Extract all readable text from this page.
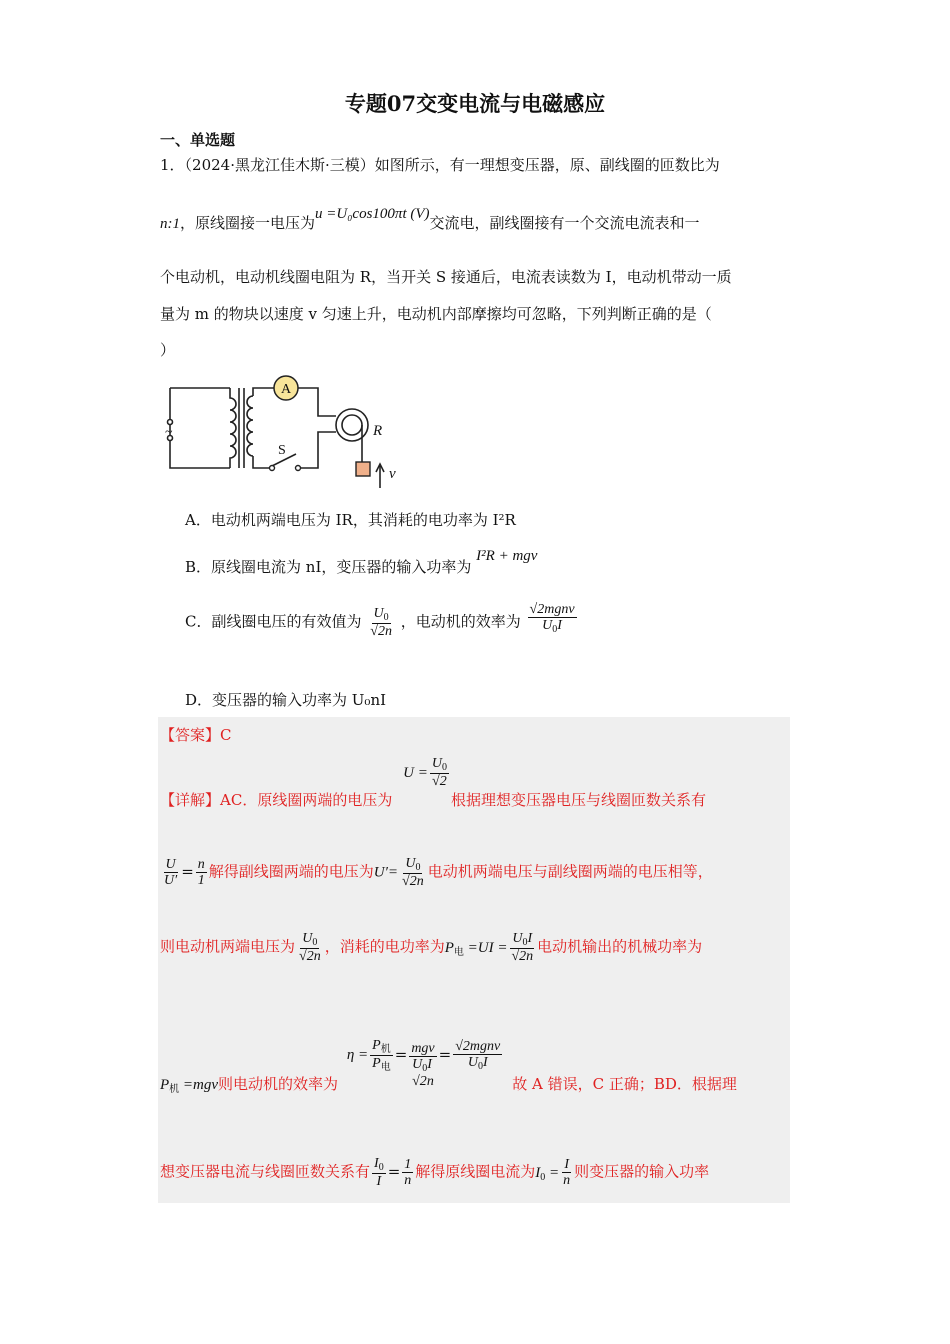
专题07交变电流与电磁感应
一、单选题
1．（2024·黑龙江佳木斯·三模）如图所示，有一理想变压器，原、副线圈的匝数比为
n:1，原线圈接一电压为u =U₀cos100πt (V)交流电，副线圈接有一个交流电流表和一
个电动机，电动机线圈电阻为 R，当开关 S 接通后，电流表读数为 I，电动机带动一质
量为 m 的物块以速度 v 匀速上升，电动机内部摩擦均可忽略，下列判断正确的是（
）
A
~
S
R
v
A．电动机两端电压为 IR，其消耗的电功率为 I²R
B．原线圈电流为 nI，变压器的输入功率为 I²R + mgv
C．副线圈电压的有效值为 $\frac{U_0}{√2n}$ ，电动机的效率为 $\frac{\text{√2mgnv}}{U_0I}$
D．变压器的输入功率为 U₀nI
【答案】C
【详解】AC．原线圈两端的电压为 $U = \frac{U_0}{√2}$
根据理想变压器电压与线圈匝数关系有
$\frac{U}{U'} = \frac{n}{1}$ 解得副线圈两端的电压为$U'= \frac{U_0}{√2n}$ 电动机两端电压与副线圈两端的电压相等，
则电动机两端电压为 $\frac{U_0}{√2n}$ ，消耗的电功率为$P_电 =UI = \frac{U_0I}{√2n}$ 电动机输出的机械功率为
$P_机 =mgv$则电动机的效率为 $\eta = \frac{P_机}{P_电}$ = mgv
$U_0I$
√2n
= $\frac{\text{√2mgnv}}{U_0I}$
故 A 错误，C 正确；BD．根据理
想变压器电流与线圈匝数关系有 $\frac{I_0}{I} = \frac{1}{n}$ 解得原线圈电流为$I_0 = \frac{I}{n}$ 则变压器的输入功率
